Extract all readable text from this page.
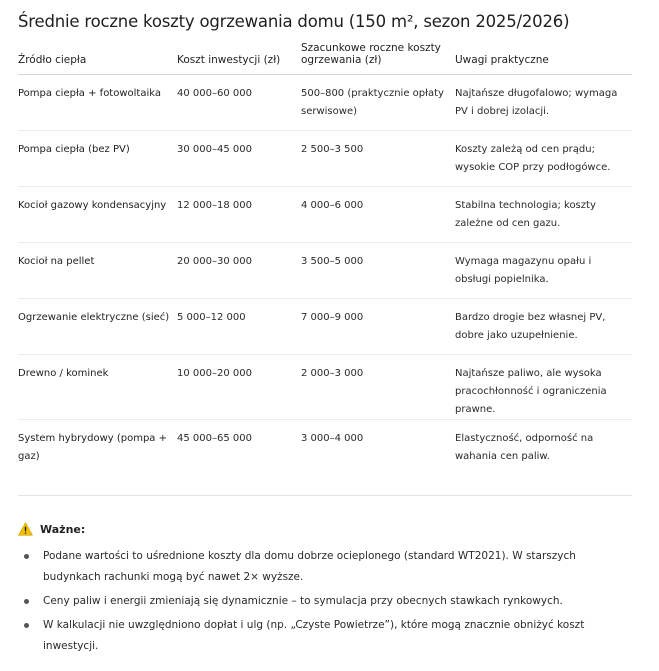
Średnie roczne koszty ogrzewania domu (150 m², sezon 2025/2026)
Źródło ciepła	Koszt inwestycji (zł)	Szacunkowe roczne koszty ogrzewania (zł)	Uwagi praktyczne
Pompa ciepła + fotowoltaika	40 000–60 000	500–800 (praktycznie opłaty serwisowe)	Najtańsze długofalowo; wymaga PV i dobrej izolacji.
Pompa ciepła (bez PV)	30 000–45 000	2 500–3 500	Koszty zależą od cen prądu; wysokie COP przy podłogówce.
Kocioł gazowy kondensacyjny	12 000–18 000	4 000–6 000	Stabilna technologia; koszty zależne od cen gazu.
Kocioł na pellet	20 000–30 000	3 500–5 000	Wymaga magazynu opału i obsługi popielnika.
Ogrzewanie elektryczne (sieć)	5 000–12 000	7 000–9 000	Bardzo drogie bez własnej PV, dobre jako uzupełnienie.
Drewno / kominek	10 000–20 000	2 000–3 000	Najtańsze paliwo, ale wysoka pracochłonność i ograniczenia prawne.
System hybrydowy (pompa + gaz)	45 000–65 000	3 000–4 000	Elastyczność, odporność na wahania cen paliw.
Ważne:
Podane wartości to uśrednione koszty dla domu dobrze ocieplonego (standard WT2021). W starszych budynkach rachunki mogą być nawet 2× wyższe.
Ceny paliw i energii zmieniają się dynamicznie – to symulacja przy obecnych stawkach rynkowych.
W kalkulacji nie uwzględniono dopłat i ulg (np. „Czyste Powietrze”), które mogą znacznie obniżyć koszt inwestycji.
